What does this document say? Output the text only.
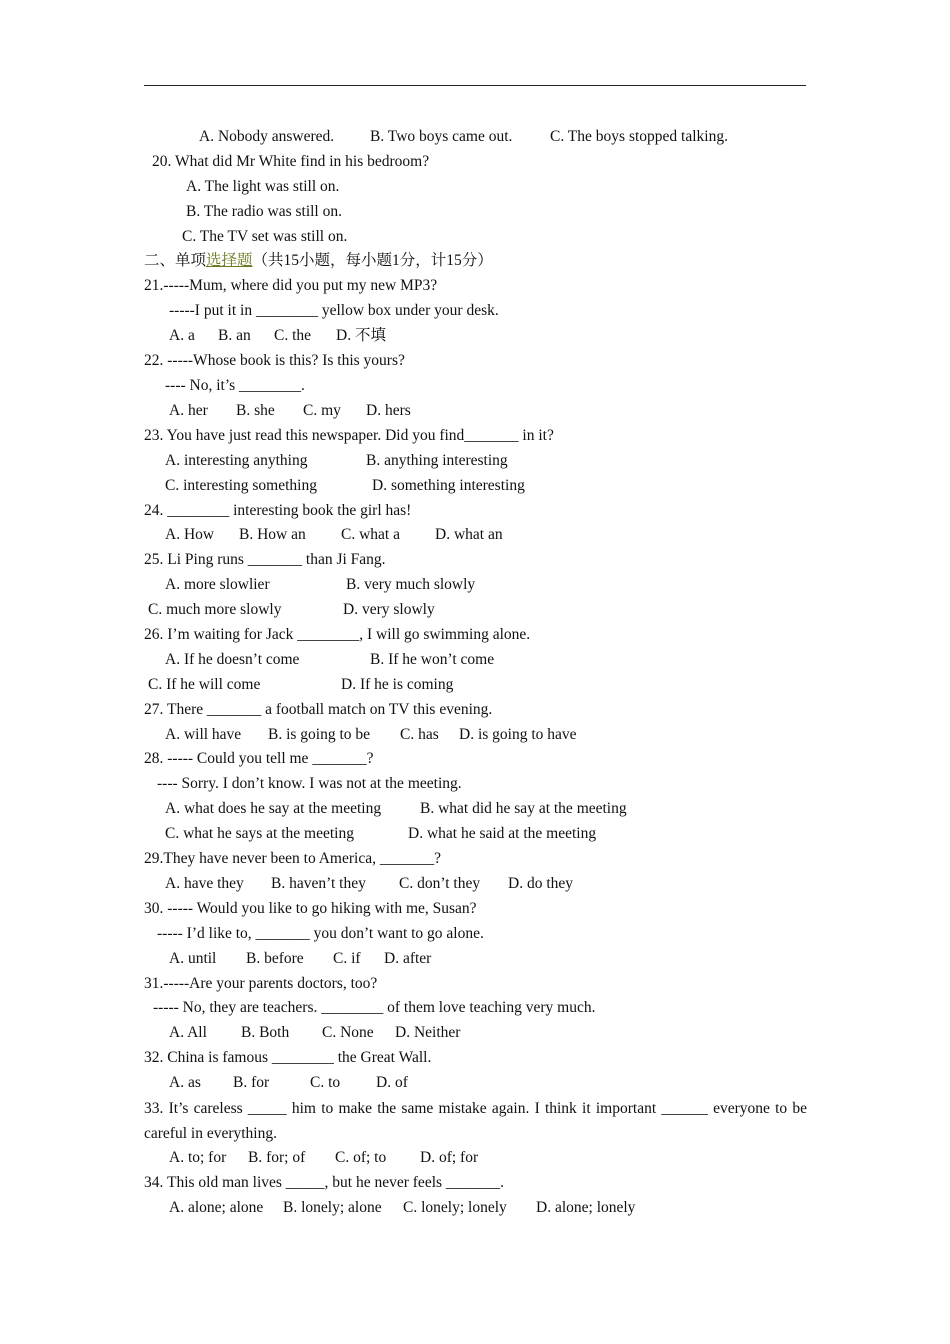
A. Nobody answered. B. Two boys came out. C. The boys stopped talking.
20. What did Mr White find in his bedroom?
A. The light was still on.
B. The radio was still on.
C. The TV set was still on.
二、单项选择题（共15小题，每小题1分，计15分）
21.-----Mum, where did you put my new MP3?
-----I put it in ________ yellow box under your desk.
A. a B. an C. the D. 不填
22. -----Whose book is this? Is this yours?
---- No, it’s ________.
A. her B. she C. my D. hers
23. You have just read this newspaper. Did you find_______ in it?
A. interesting anything	B. anything interesting
C. interesting something	D. something interesting
24. ________ interesting book the girl has!
A. How B. How an C. what a D. what an
25. Li Ping runs _______ than Ji Fang.
A. more slowlier	B. very much slowly
C. much more slowly	D. very slowly
26. I’m waiting for Jack ________, I will go swimming alone.
A. If he doesn’t come	B. If he won’t come
C. If he will come	D. If he is coming
27. There _______ a football match on TV this evening.
A. will have B. is going to be C. has D. is going to have
28. ----- Could you tell me _______?
---- Sorry. I don’t know. I was not at the meeting.
A. what does he say at the meeting	B. what did he say at the meeting
C. what he says at the meeting	D. what he said at the meeting
29.They have never been to America, _______?
A. have they B. haven’t they C. don’t they D. do they
30. ----- Would you like to go hiking with me, Susan?
----- I’d like to, _______ you don’t want to go alone.
A. until B. before C. if D. after
31.-----Are your parents doctors, too?
----- No, they are teachers. ________ of them love teaching very much.
A. All B. Both C. None D. Neither
32. China is famous ________ the Great Wall.
A. as B. for	C. to D. of
33. It’s careless _____ him to make the same mistake again. I think it important ______ everyone to be careful in everything.
A. to; for B. for; of C. of; to D. of; for
34. This old man lives _____, but he never feels _______.
A. alone; alone B. lonely; alone C. lonely; lonely D. alone; lonely
